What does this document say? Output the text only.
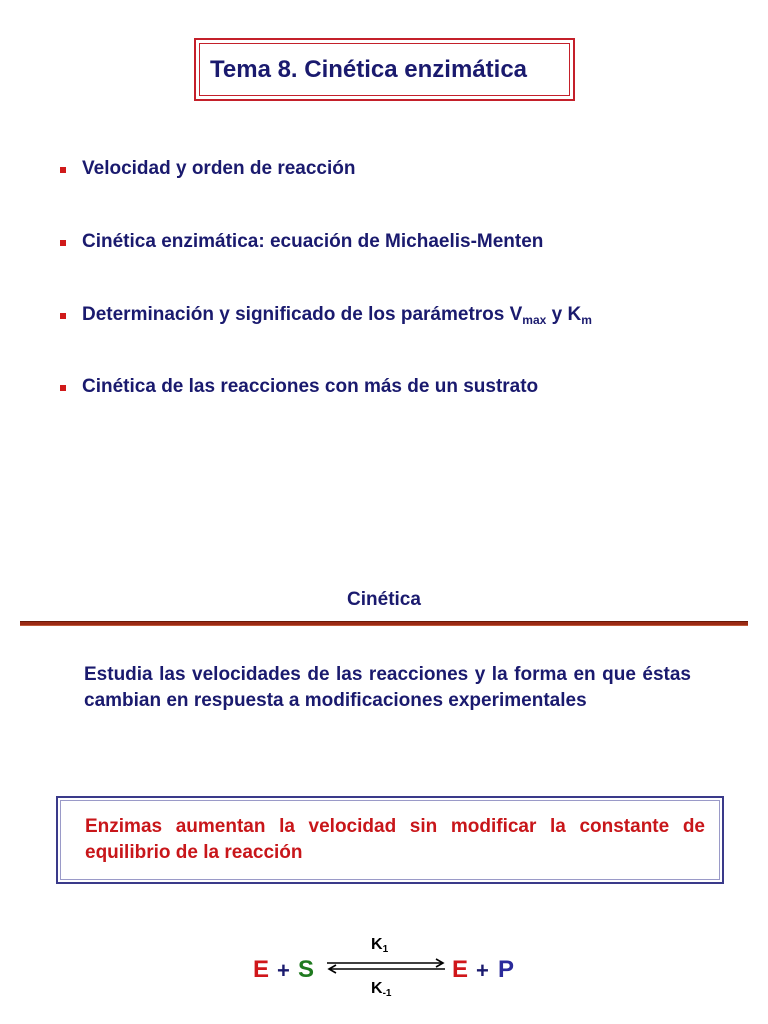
Tema 8. Cinética enzimática
Velocidad y orden de reacción
Cinética enzimática: ecuación de Michaelis-Menten
Determinación y significado de los parámetros $V_{max}$ y $K_m$
Cinética de las reacciones con más de un sustrato
Cinética
Estudia las velocidades de las reacciones y la forma en que éstas cambian en respuesta a modificaciones experimentales
Enzimas aumentan la velocidad sin modificar la constante de equilibrio de la reacción
E + S
$K_1$
$K_{-1}$
E + P
